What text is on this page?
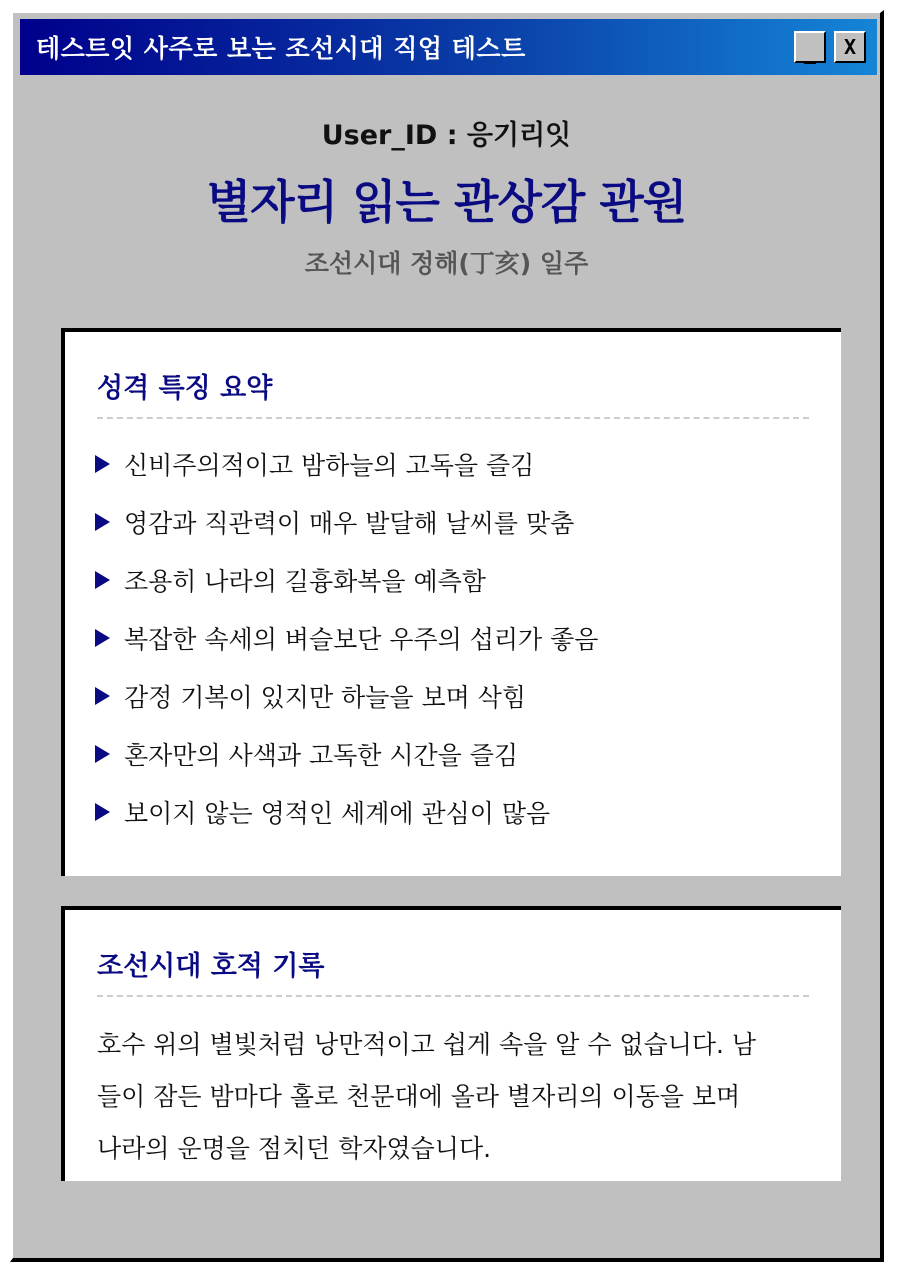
테스트잇 사주로 보는 조선시대 직업 테스트	_ X
User_ID : 응기리잇
별자리 읽는 관상감 관원
조선시대 정해(丁亥) 일주
성격 특징 요약
신비주의적이고 밤하늘의 고독을 즐김
영감과 직관력이 매우 발달해 날씨를 맞춤
조용히 나라의 길흉화복을 예측함
복잡한 속세의 벼슬보단 우주의 섭리가 좋음
감정 기복이 있지만 하늘을 보며 삭힘
혼자만의 사색과 고독한 시간을 즐김
보이지 않는 영적인 세계에 관심이 많음
조선시대 호적 기록
호수 위의 별빛처럼 낭만적이고 쉽게 속을 알 수 없습니다. 남
들이 잠든 밤마다 홀로 천문대에 올라 별자리의 이동을 보며
나라의 운명을 점치던 학자였습니다.
